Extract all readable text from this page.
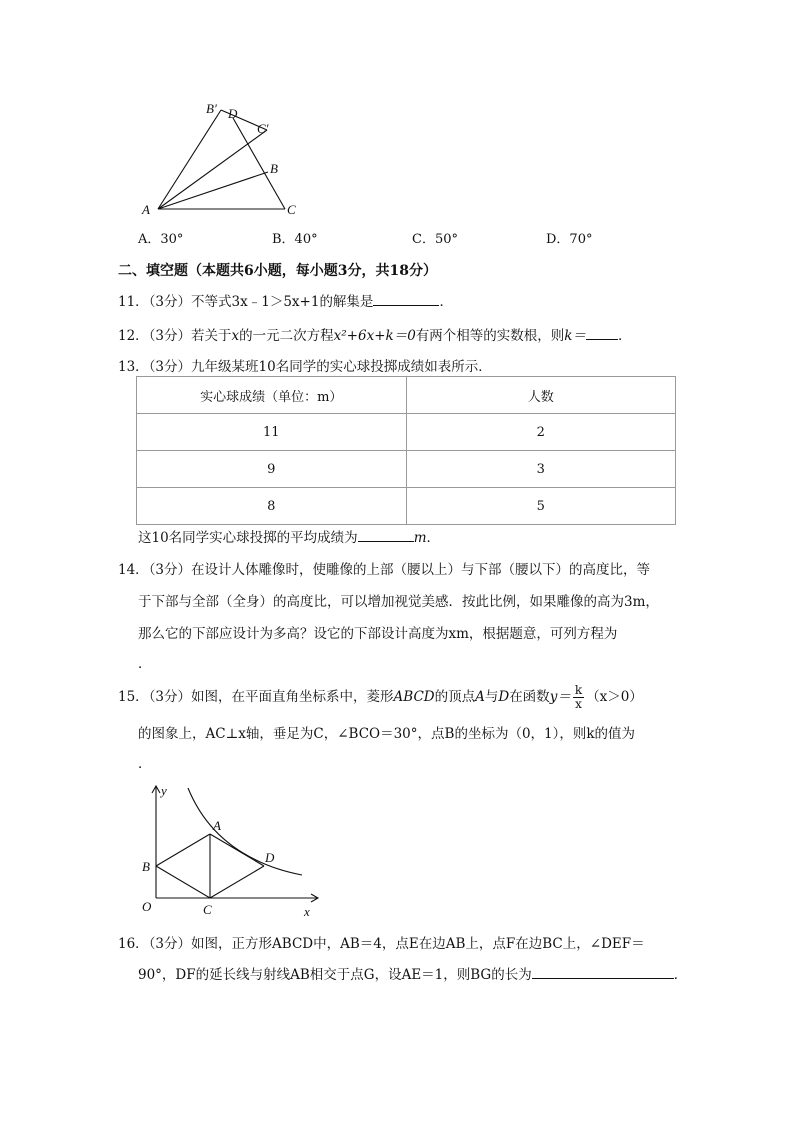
B′ D
C′
B
A	C
A．30°	B．40°	C．50°	D．70°
二、填空题（本题共6小题，每小题3分，共18分）
11．（3分）不等式3x﹣1＞5x+1的解集是	．
12．（3分）若关于x的一元二次方程x²+6x+k＝0有两个相等的实数根，则k＝ ．
13．（3分）九年级某班10名同学的实心球投掷成绩如表所示．
实心球成绩（单位：m）	人数
11	2
9	3
8	5
这10名同学实心球投掷的平均成绩为	m．
14．（3分）在设计人体雕像时，使雕像的上部（腰以上）与下部（腰以下）的高度比，等
于下部与全部（全身）的高度比，可以增加视觉美感．按此比例，如果雕像的高为3m，
那么它的下部应设计为多高？设它的下部设计高度为xm，根据题意，可列方程为
．
15．（3分）如图，在平面直角坐标系中，菱形ABCD的顶点A与D在函数$y= \frac{k}{x} (x>0)$
的图象上，AC⊥x轴，垂足为C，∠BCO＝30°，点B的坐标为（0，1），则k的值为
．
y
A
B
D
O	C	x
16．（3分）如图，正方形ABCD中，AB＝4，点E在边AB上，点F在边BC上，∠DEF＝
90°，DF的延长线与射线AB相交于点G，设AE＝1，则BG的长为	．
